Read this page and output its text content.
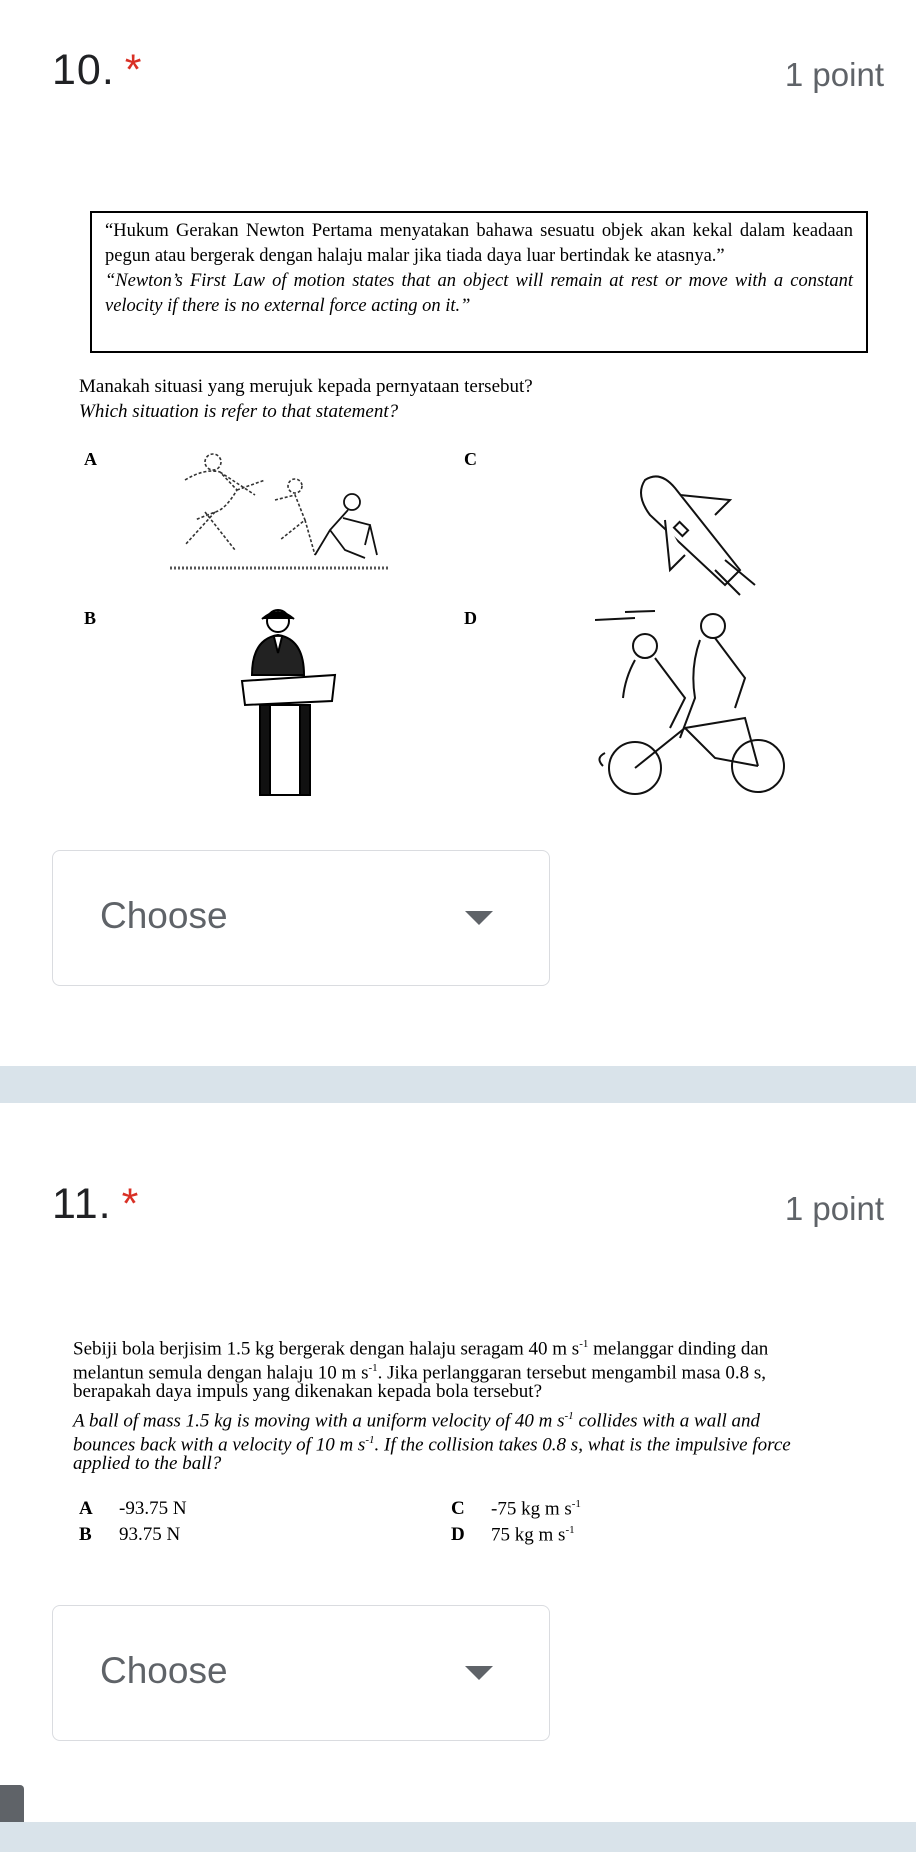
10. *	1 point
“Hukum Gerakan Newton Pertama menyatakan bahawa sesuatu objek akan kekal dalam keadaan pegun atau bergerak dengan halaju malar jika tiada daya luar bertindak ke atasnya.”
“Newton’s First Law of motion states that an object will remain at rest or move with a constant velocity if there is no external force acting on it.”
Manakah situasi yang merujuk kepada pernyataan tersebut?
Which situation is refer to that statement?
A	C
B	D
Choose
11. *	1 point
Sebiji bola berjisim 1.5 kg bergerak dengan halaju seragam 40 m $s^{-1}$ melanggar dinding dan
melantun semula dengan halaju 10 m $s^{-1}$. Jika perlanggaran tersebut mengambil masa 0.8 s,
berapakah daya impuls yang dikenakan kepada bola tersebut?
A ball of mass 1.5 kg is moving with a uniform velocity of 40 m $s^{-1}$ collides with a wall and
bounces back with a velocity of 10 m $s^{-1}$. If the collision takes 0.8 s, what is the impulsive force
applied to the ball?
A -93.75 N
B 93.75 N
C -75 kg m $s^{-1}$
D 75 kg m $s^{-1}$
Choose
